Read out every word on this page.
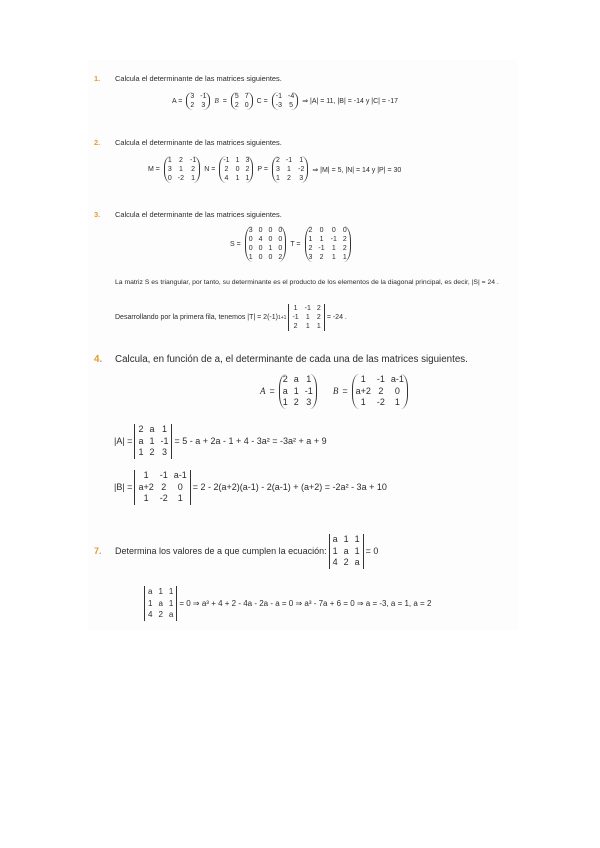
1. Calcula el determinante de las matrices siguientes.
A =
3 -1
2 3
B =
5 7
2 0
C =
-1 -4
-3 5
⇒ |A| = 11, |B| = -14 y |C| = -17
2. Calcula el determinante de las matrices siguientes.
M =
1 2 -1
3 1 2
0 -2 1
N =
-1 1 3
2 0 2
4 1 1
P =
2 -1 1
3 1 -2
1 2 3
⇒ |M| = 5, |N| = 14 y |P| = 30
3. Calcula el determinante de las matrices siguientes.
S =
3 0 0 0
0 4 0 0
0 0 1 0
1 0 0 2
T =
2 0 0 0
1 1 -1 2
2 -1 1 2
3 2 1 1
La matriz S es triangular, por tanto, su determinante es el producto de los elementos de la diagonal principal, es decir, |S| = 24 .
Desarrollando por la primera fila, tenemos |T| = 2(-1) 1+1
1 -1 2
-1 1 2
2 1 1
= -24 .
4. Calcula, en función de a, el determinante de cada una de las matrices siguientes.
A =
2 a 1
a 1 -1
1 2 3
B =
1	-1 a-1
a+2 2	0
1	-2	1
|A| =
2 a 1
a 1 -1
1 2 3
= 5 - a + 2a - 1 + 4 - 3a² = -3a² + a + 9
|B| =
1	-1 a-1
a+2 2	0
1	-2	1
= 2 - 2(a+2)(a-1) - 2(a-1) + (a+2) = -2a² - 3a + 10
7.	Determina los valores de a que cumplen la ecuación:
a 1 1
1 a 1
4 2 a
= 0
a 1 1
1 a 1
4 2 a
= 0 ⇒ a³ + 4 + 2 - 4a - 2a - a = 0 ⇒ a³ - 7a + 6 = 0 ⇒ a = -3, a = 1, a = 2
